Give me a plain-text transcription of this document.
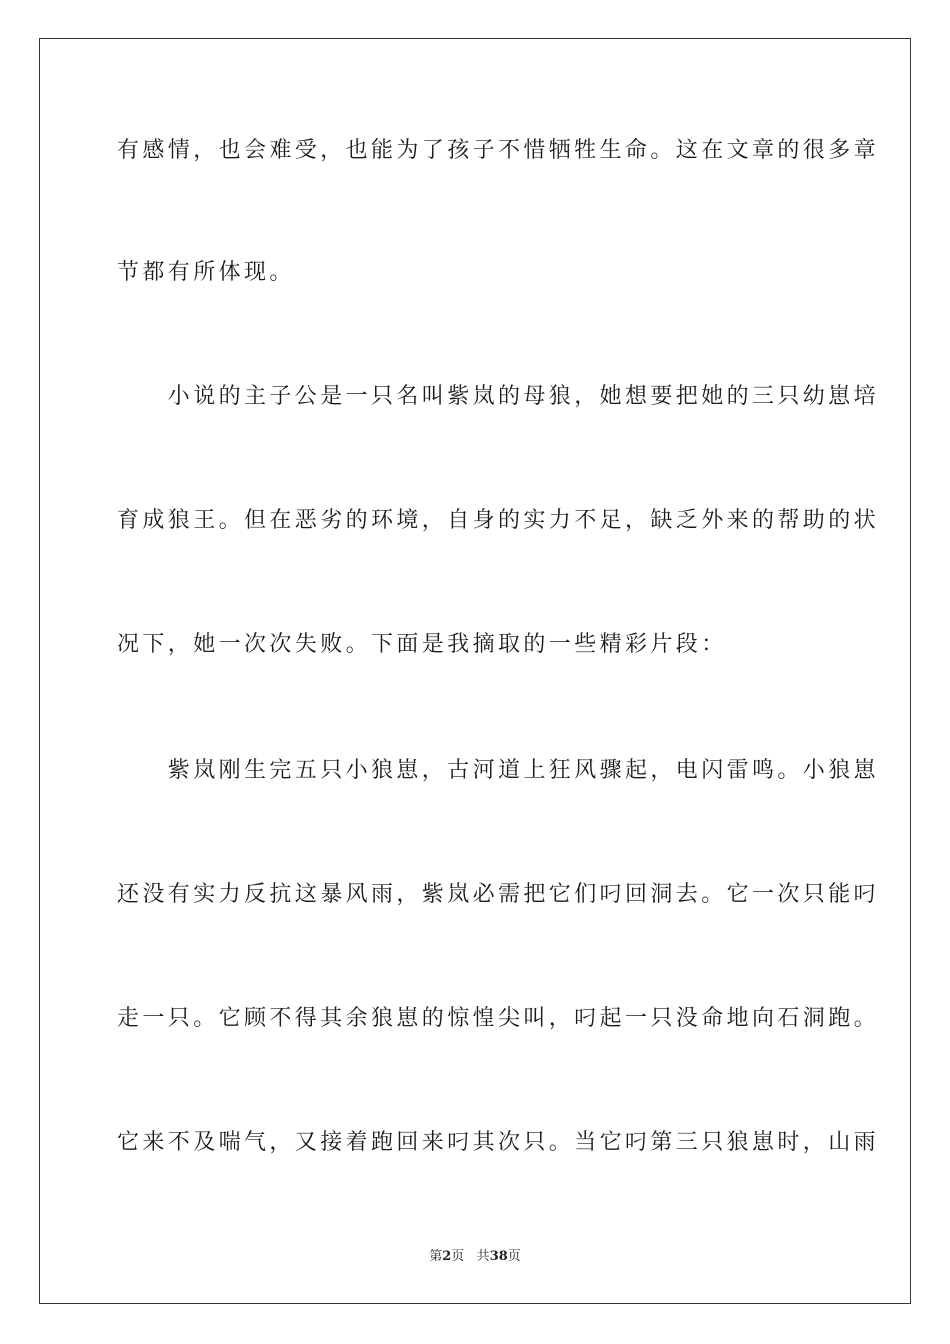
有感情，也会难受，也能为了孩子不惜牺牲生命。这在文章的很多章
节都有所体现。
　　小说的主子公是一只名叫紫岚的母狼，她想要把她的三只幼崽培
育成狼王。但在恶劣的环境，自身的实力不足，缺乏外来的帮助的状
况下，她一次次失败。下面是我摘取的一些精彩片段：
　　紫岚刚生完五只小狼崽，古河道上狂风骤起，电闪雷鸣。小狼崽
还没有实力反抗这暴风雨，紫岚必需把它们叼回洞去。它一次只能叼
走一只。它顾不得其余狼崽的惊惶尖叫，叼起一只没命地向石洞跑。
它来不及喘气，又接着跑回来叼其次只。当它叼第三只狼崽时，山雨
第2页 共38页
